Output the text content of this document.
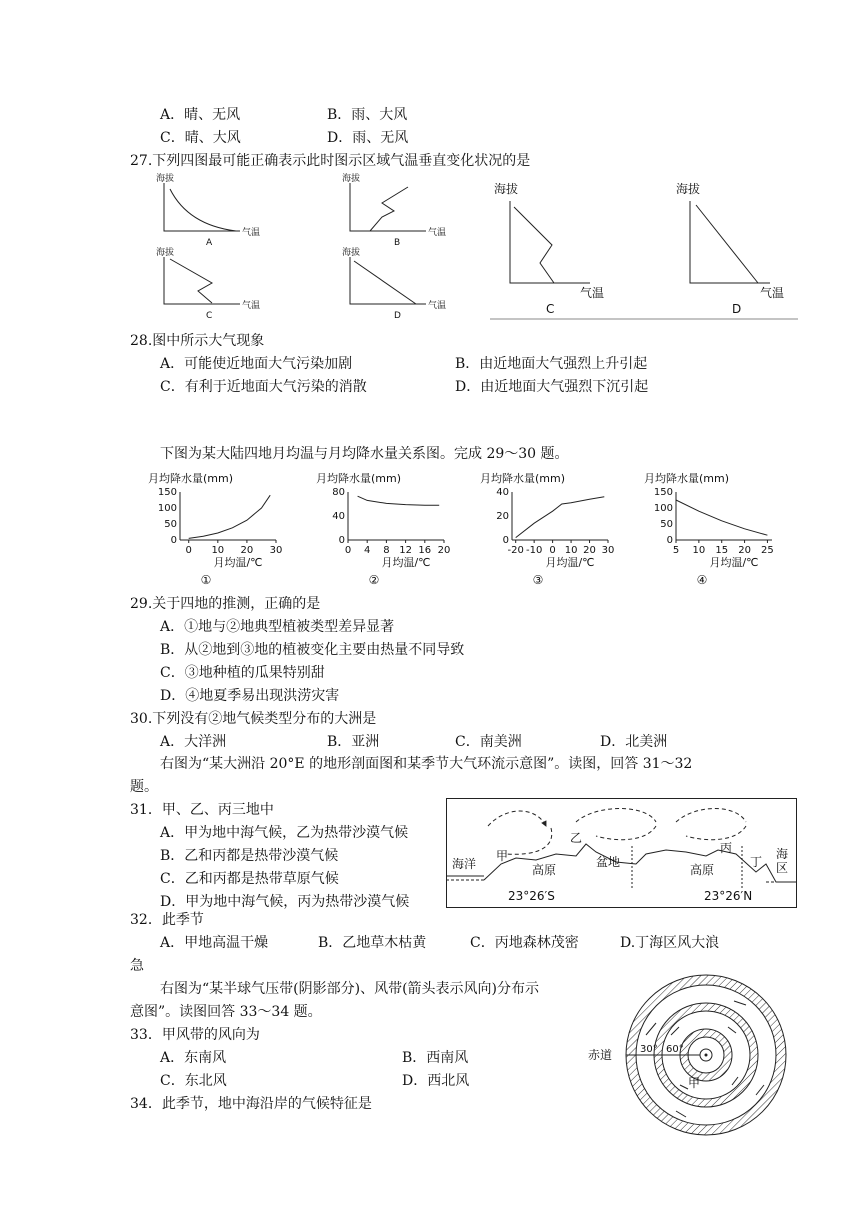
A．晴、无风	B．雨、大风
C．晴、大风	D．雨、无风
27.下列四图最可能正确表示此时图示区域气温垂直变化状况的是
海拔
气温
A
海拔
气温
B
海拔
气温
C
海拔
气温
D
海拔
气温
C
海拔
气温
D
28.图中所示大气现象
A．可能使近地面大气污染加剧	B．由近地面大气强烈上升引起
C．有利于近地面大气污染的消散	D．由近地面大气强烈下沉引起
下图为某大陆四地月均温与月均降水量关系图。完成 29～30 题。
月均降水量(mm)
0
50
100
150
0 10 20 30
月均温/℃
①
月均降水量(mm)
0
40
80
0 4 8 12 16 20
月均温/℃
②
月均降水量(mm)
0
20
40
-20 -10 0 10 20 30
月均温/℃
③
月均降水量(mm)
0
50
100
150
5 10 15 20 25
月均温/℃
④
29.关于四地的推测，正确的是
A．①地与②地典型植被类型差异显著
B．从②地到③地的植被变化主要由热量不同导致
C．③地种植的瓜果特别甜
D．④地夏季易出现洪涝灾害
30.下列没有②地气候类型分布的大洲是
A．大洋洲	B．亚洲	C．南美洲	D．北美洲
右图为“某大洲沿 20°E 的地形剖面图和某季节大气环流示意图”。读图，回答 31～32
题。
31．甲、乙、丙三地中
A．甲为地中海气候，乙为热带沙漠气候
B．乙和丙都是热带沙漠气候
C．乙和丙都是热带草原气候
D．甲为地中海气候，丙为热带沙漠气候
海洋
甲
乙
丙
丁
海
区
高原
盆地
高原
23°26′S	23°26′N
32．此季节
A．甲地高温干燥	B．乙地草木枯黄	C．丙地森林茂密	D.丁海区风大浪
急
右图为“某半球气压带(阴影部分)、风带(箭头表示风向)分布示
意图”。读图回答 33～34 题。
33．甲风带的风向为
A．东南风	B．西南风
C．东北风	D．西北风
34．此季节，地中海沿岸的气候特征是
赤道	30° 60°
甲
